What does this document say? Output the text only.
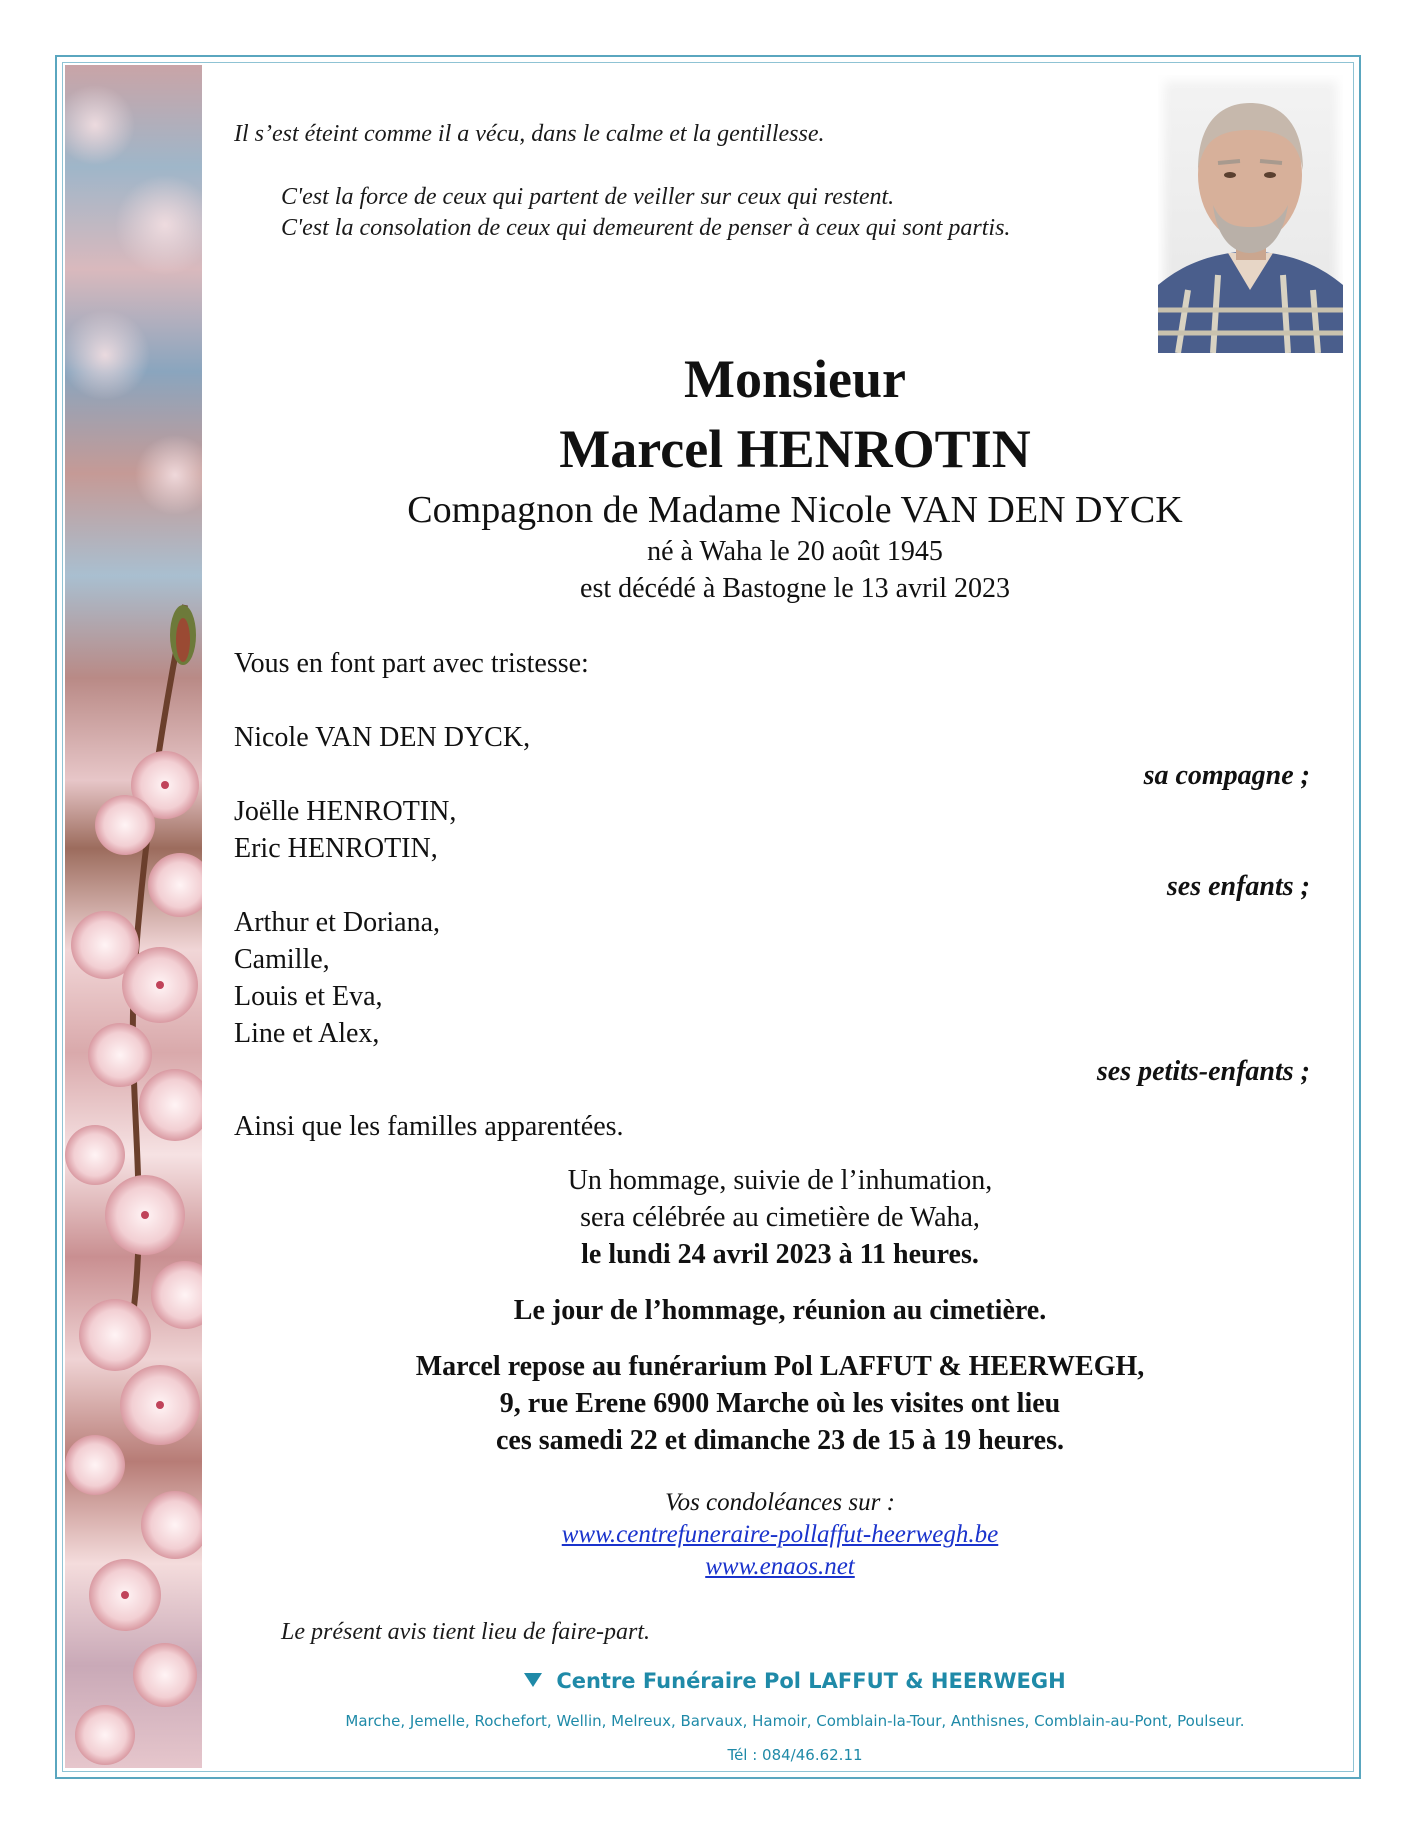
Il s’est éteint comme il a vécu, dans le calme et la gentillesse.
C'est la force de ceux qui partent de veiller sur ceux qui restent.
C'est la consolation de ceux qui demeurent de penser à ceux qui sont partis.
Monsieur
Marcel HENROTIN
Compagnon de Madame Nicole VAN DEN DYCK
né à Waha le 20 août 1945
est décédé à Bastogne le 13 avril 2023
Vous en font part avec tristesse:
Nicole VAN DEN DYCK,
sa compagne ;
Joëlle HENROTIN,
Eric HENROTIN,
ses enfants ;
Arthur et Doriana,
Camille,
Louis et Eva,
Line et Alex,
ses petits-enfants ;
Ainsi que les familles apparentées.
Un hommage, suivie de l’inhumation,
sera célébrée au cimetière de Waha,
le lundi 24 avril 2023 à 11 heures.
Le jour de l’hommage, réunion au cimetière.
Marcel repose au funérarium Pol LAFFUT & HEERWEGH,
9, rue Erene 6900 Marche où les visites ont lieu
ces samedi 22 et dimanche 23 de 15 à 19 heures.
Vos condoléances sur :
www.centrefuneraire-pollaffut-heerwegh.be
www.enaos.net
Le présent avis tient lieu de faire-part.
Centre Funéraire Pol LAFFUT & HEERWEGH
Marche, Jemelle, Rochefort, Wellin, Melreux, Barvaux, Hamoir, Comblain-la-Tour, Anthisnes, Comblain-au-Pont, Poulseur.
Tél : 084/46.62.11
